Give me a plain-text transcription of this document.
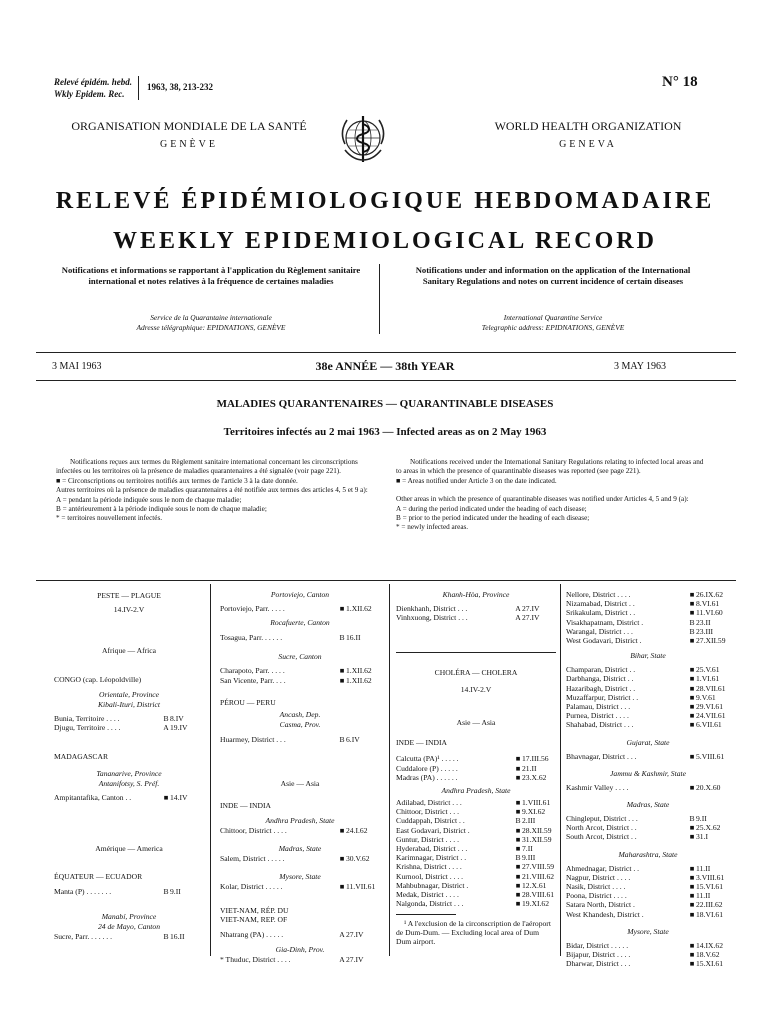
Relevé épidém. hebd.
Wkly Epidem. Rec.
1963, 38, 213-232	N° 18
ORGANISATION MONDIALE DE LA SANTÉ
GENÈVE
WORLD HEALTH ORGANIZATION
GENEVA
RELEVÉ ÉPIDÉMIOLOGIQUE HEBDOMADAIRE
WEEKLY EPIDEMIOLOGICAL RECORD
Notifications et informations se rapportant à l'application du Règlement sanitaire international et notes relatives à la fréquence de certaines maladies
Notifications under and information on the application of the International Sanitary Regulations and notes on current incidence of certain diseases
Service de la Quarantaine internationale
Adresse télégraphique: EPIDNATIONS, GENÈVE
International Quarantine Service
Telegraphic address: EPIDNATIONS, GENÈVE
3 MAI 1963	38e ANNÉE — 38th YEAR	3 MAY 1963
MALADIES QUARANTENAIRES — QUARANTINABLE DISEASES
Territoires infectés au 2 mai 1963 — Infected areas as on 2 May 1963
Notifications reçues aux termes du Règlement sanitaire international concernant les circonscriptions infectées ou les territoires où la présence de maladies quarantenaires a été signalée (voir page 221).
■ = Circonscriptions ou territoires notifiés aux termes de l'article 3 à la date donnée.
Autres territoires où la présence de maladies quarantenaires a été notifiée aux termes des articles 4, 5 et 9 a):
A = pendant la période indiquée sous le nom de chaque maladie;
B = antérieurement à la période indiquée sous le nom de chaque maladie;
* = territoires nouvellement infectés.
Notifications received under the International Sanitary Regulations relating to infected local areas and to areas in which the presence of quarantinable diseases was reported (see page 221).
■ = Areas notified under Article 3 on the date indicated.
Other areas in which the presence of quarantinable diseases was notified under Articles 4, 5 and 9 (a):
A = during the period indicated under the heading of each disease;
B = prior to the period indicated under the heading of each disease;
* = newly infected areas.
PESTE — PLAGUE
14.IV-2.V
Afrique — Africa
CONGO (cap. Léopoldville)
Orientale, Province
Kibali-Ituri, District
Bunia, Territoire . . . .	B 8.IV
Djugu, Territoire . . . .	A 19.IV
MADAGASCAR
Tananarive, Province
Antanifotsy, S. Préf.
Ampitantafika, Canton . .	■ 14.IV
Amérique — America
ÉQUATEUR — ECUADOR
Manta (P) . . . . . . .	B 9.II
Manabí, Province
24 de Mayo, Canton
Sucre, Parr. . . . . . .	B 16.II
Portoviejo, Canton
Portoviejo, Parr. . . . .	■ 1.XII.62
Rocafuerte, Canton
Tosagua, Parr. . . . . .	B 16.II
Sucre, Canton
Charapoto, Parr. . . . .	■ 1.XII.62
San Vicente, Parr. . . .	■ 1.XII.62
PÉROU — PERU
Ancash, Dep.
Casma, Prov.
Huarmey, District . . .	B 6.IV
Asie — Asia
INDE — INDIA
Andhra Pradesh, State
Chittoor, District . . . .	■ 24.I.62
Madras, State
Salem, District . . . . .	■ 30.V.62
Mysore, State
Kolar, District . . . . .	■ 11.VII.61
VIET-NAM, RÉP. DU
VIET-NAM, REP. OF
Nhatrang (PA) . . . . .	A 27.IV
Gia-Dinh, Prov.
* Thuduc, District . . . .	A 27.IV
Khanh-Hòa, Province
Dienkhanh, District . . .	A 27.IV
Vinhxuong, District . . .	A 27.IV
CHOLÉRA — CHOLERA
14.IV-2.V
Asie — Asia
INDE — INDIA
Calcutta (PA)¹ . . . . .	■ 17.III.56
Cuddalore (P) . . . . .	■ 21.II
Madras (PA) . . . . . .	■ 23.X.62
Andhra Pradesh, State
Adilabad, District . . .	■ 1.VIII.61
Chittoor, District . . .	■ 9.XI.62
Cuddappah, District . .	B 2.III
East Godavari, District .	■ 28.XII.59
Guntur, District . . . .	■ 31.XII.59
Hyderabad, District . . .	■ 7.II
Karimnagar, District . .	B 9.III
Krishna, District . . . .	■ 27.VIII.59
Kurnool, District . . . .	■ 21.VIII.62
Mahbubnagar, District .	■ 12.X.61
Medak, District . . . .	■ 28.VIII.61
Nalgonda, District . . .	■ 19.XI.62
¹ A l'exclusion de la circonscription de l'aéroport de Dum-Dum. — Excluding local area of Dum Dum airport.
Nellore, District . . . .	■ 26.IX.62
Nizamabad, District . .	■ 8.VI.61
Srikakulam, District . .	■ 11.VI.60
Visakhapatnam, District .	B 23.II
Warangal, District . . .	B 23.III
West Godavari, District .	■ 27.XII.59
Bihar, State
Champaran, District . .	■ 25.V.61
Darbhanga, District . .	■ 1.VI.61
Hazaribagh, District . .	■ 28.VII.61
Muzaffarpur, District . .	■ 9.V.61
Palamau, District . . .	■ 29.VI.61
Purnea, District . . . .	■ 24.VII.61
Shahabad, District . . .	■ 6.VII.61
Gujarat, State
Bhavnagar, District . . .	■ 5.VIII.61
Jammu & Kashmir, State
Kashmir Valley . . . .	■ 20.X.60
Madras, State
Chingleput, District . . .	B 9.II
North Arcot, District . .	■ 25.X.62
South Arcot, District . .	■ 31.I
Maharashtra, State
Ahmednagar, District . .	■ 11.II
Nagpur, District . . . .	■ 3.VIII.61
Nasik, District . . . .	■ 15.VI.61
Poona, District . . . .	■ 11.II
Satara North, District .	■ 22.III.62
West Khandesh, District .	■ 18.VI.61
Mysore, State
Bidar, District . . . . .	■ 14.IX.62
Bijapur, District . . . .	■ 18.V.62
Dharwar, District . . .	■ 15.XI.61
